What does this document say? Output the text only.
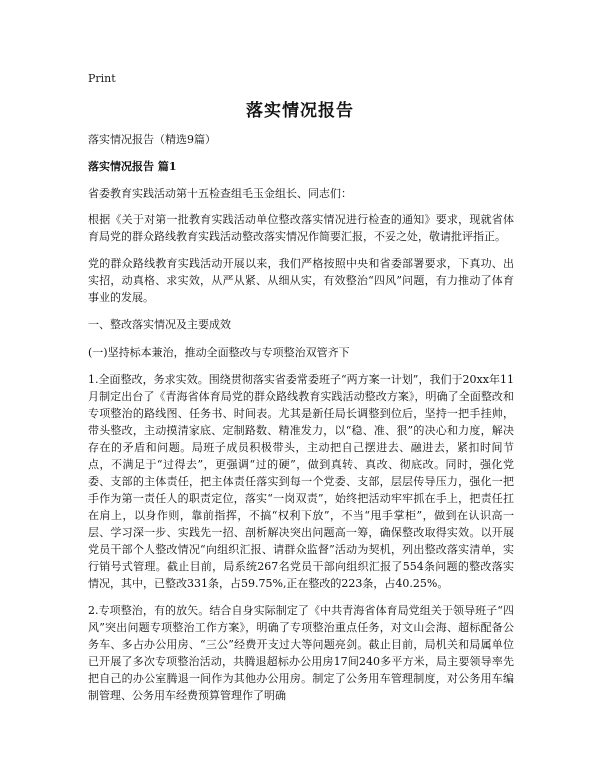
Print
落实情况报告

落实情况报告（精选9篇）

落实情况报告 篇1

省委教育实践活动第十五检查组毛玉金组长、同志们：

根据《关于对第一批教育实践活动单位整改落实情况进行检查的通知》要求，现就省体育局党的群众路线教育实践活动整改落实情况作简要汇报，不妥之处，敬请批评指正。

党的群众路线教育实践活动开展以来，我们严格按照中央和省委部署要求，下真功、出实招，动真格、求实效，从严从紧、从细从实，有效整治“四风”问题，有力推动了体育事业的发展。

一、整改落实情况及主要成效

(一)坚持标本兼治，推动全面整改与专项整治双管齐下

1.全面整改，务求实效。围绕贯彻落实省委常委班子“两方案一计划”，我们于20xx年11月制定出台了《青海省体育局党的群众路线教育实践活动整改方案》，明确了全面整改和专项整治的路线图、任务书、时间表。尤其是新任局长调整到位后，坚持一把手挂帅，带头整改，主动摸清家底、定制路数、精准发力，以“稳、准、狠”的决心和力度，解决存在的矛盾和问题。局班子成员积极带头，主动把自己摆进去、融进去，紧扣时间节点，不满足于“过得去”，更强调“过的硬”，做到真转、真改、彻底改。同时，强化党委、支部的主体责任，把主体责任落实到每一个党委、支部，层层传导压力，强化一把手作为第一责任人的职责定位，落实“一岗双责”，始终把活动牢牢抓在手上，把责任扛在肩上，以身作则，靠前指挥，不搞“权利下放”，不当“甩手掌柜”，做到在认识高一层、学习深一步、实践先一招、剖析解决突出问题高一筹，确保整改取得实效。以开展党员干部个人整改情况“向组织汇报、请群众监督”活动为契机，列出整改落实清单，实行销号式管理。截止目前，局系统267名党员干部向组织汇报了554条问题的整改落实情况，其中，已整改331条，占59.75%,正在整改的223条，占40.25%。

2.专项整治，有的放矢。结合自身实际制定了《中共青海省体育局党组关于领导班子“四风”突出问题专项整治工作方案》，明确了专项整治重点任务，对文山会海、超标配备公务车、多占办公用房、“三公”经费开支过大等问题亮剑。截止目前，局机关和局属单位已开展了多次专项整治活动，共腾退超标办公用房17间240多平方米，局主要领导率先把自己的办公室腾退一间作为其他办公用房。制定了公务用车管理制度，对公务用车编制管理、公务用车经费预算管理作了明确
